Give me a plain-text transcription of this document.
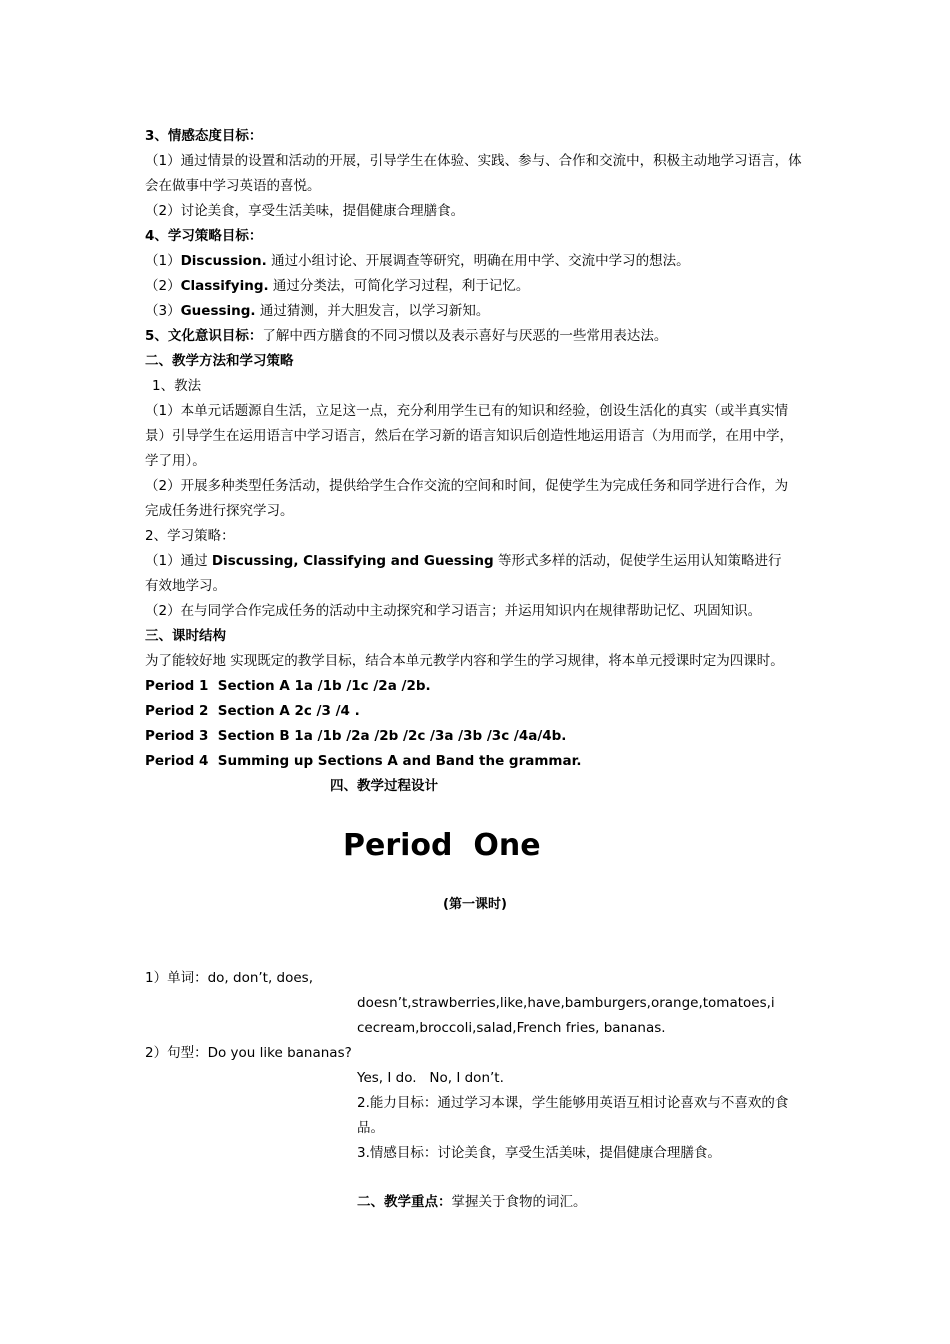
3、情感态度目标：
（1）通过情景的设置和活动的开展，引导学生在体验、实践、参与、合作和交流中，积极主动地学习语言，体
会在做事中学习英语的喜悦。
（2）讨论美食，享受生活美味，提倡健康合理膳食。
4、学习策略目标：
（1）Discussion. 通过小组讨论、开展调查等研究，明确在用中学、交流中学习的想法。
（2）Classifying. 通过分类法，可简化学习过程，利于记忆。
（3）Guessing. 通过猜测，并大胆发言，以学习新知。
5、文化意识目标：了解中西方膳食的不同习惯以及表示喜好与厌恶的一些常用表达法。
二、教学方法和学习策略
1、教法
（1）本单元话题源自生活，立足这一点，充分利用学生已有的知识和经验，创设生活化的真实（或半真实情
景）引导学生在运用语言中学习语言，然后在学习新的语言知识后创造性地运用语言（为用而学，在用中学，
学了用）。
（2）开展多种类型任务活动，提供给学生合作交流的空间和时间，促使学生为完成任务和同学进行合作，为
完成任务进行探究学习。
2、学习策略：
（1）通过 Discussing, Classifying and Guessing 等形式多样的活动，促使学生运用认知策略进行
有效地学习。
（2）在与同学合作完成任务的活动中主动探究和学习语言；并运用知识内在规律帮助记忆、巩固知识。
三、课时结构
为了能较好地 实现既定的教学目标，结合本单元教学内容和学生的学习规律，将本单元授课时定为四课时。
Period 1  Section A 1a /1b /1c /2a /2b.
Period 2  Section A 2c /3 /4 .
Period 3  Section B 1a /1b /2a /2b /2c /3a /3b /3c /4a/4b.
Period 4  Summing up Sections A and Band the grammar.
四、教学过程设计
Period  One
(第一课时)
1）单词：do, don’t, does,
doesn’t,strawberries,like,have,bamburgers,orange,tomatoes,i
cecream,broccoli,salad,French fries, bananas.
2）句型：Do you like bananas?
Yes, I do.   No, I don’t.
2.能力目标：通过学习本课，学生能够用英语互相讨论喜欢与不喜欢的食
品。
3.情感目标：讨论美食，享受生活美味，提倡健康合理膳食。
二、教学重点：掌握关于食物的词汇。
